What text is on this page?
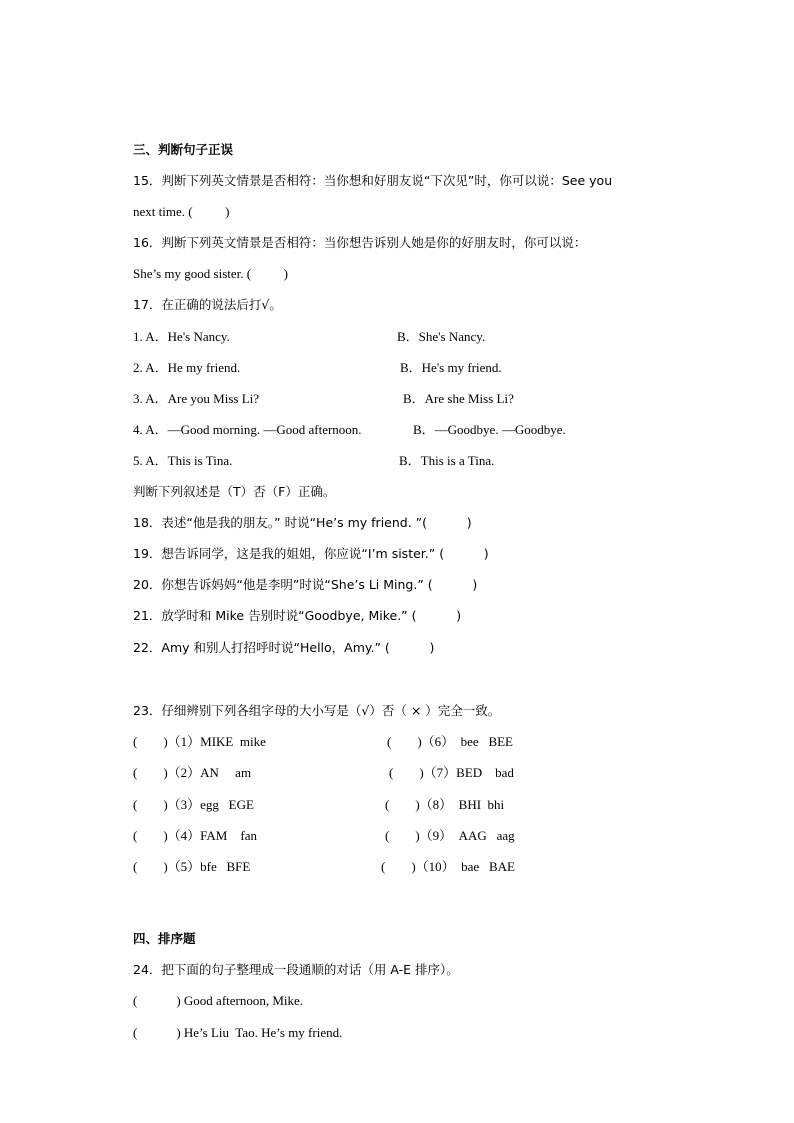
三、判断句子正误
15．判断下列英文情景是否相符：当你想和好朋友说“下次见”时，你可以说：See you
next time. (          )
16．判断下列英文情景是否相符：当你想告诉别人她是你的好朋友时，你可以说：
She’s my good sister. (          )
17．在正确的说法后打√。
1. A．He's Nancy.	B．She's Nancy.
2. A．He my friend.	B．He's my friend.
3. A．Are you Miss Li?	B．Are she Miss Li?
4. A．—Good morning. —Good afternoon.	B．—Goodbye. —Goodbye.
5. A．This is Tina.	B．This is a Tina.
判断下列叙述是（T）否（F）正确。
18．表述“他是我的朋友。” 时说“He’s my friend. ”(          )
19．想告诉同学，这是我的姐姐，你应说“I’m sister.” (          )
20．你想告诉妈妈“他是李明”时说“She’s Li Ming.” (          )
21．放学时和 Mike 告别时说“Goodbye, Mike.” (          )
22．Amy 和别人打招呼时说“Hello，Amy.” (          )
23．仔细辨别下列各组字母的大小写是（√）否（ × ）完全一致。
(        )（1）MIKE  mike	(        )（6）  bee   BEE
(        )（2）AN     am	(        )（7）BED    bad
(        )（3）egg   EGE	(        )（8）  BHI  bhi
(        )（4）FAM    fan	(        )（9）  AAG   aag
(        )（5）bfe   BFE	(        )（10）  bae   BAE
四、排序题
24．把下面的句子整理成一段通顺的对话（用 A-E 排序）。
(            ) Good afternoon, Mike.
(            ) He’s Liu  Tao. He’s my friend.
